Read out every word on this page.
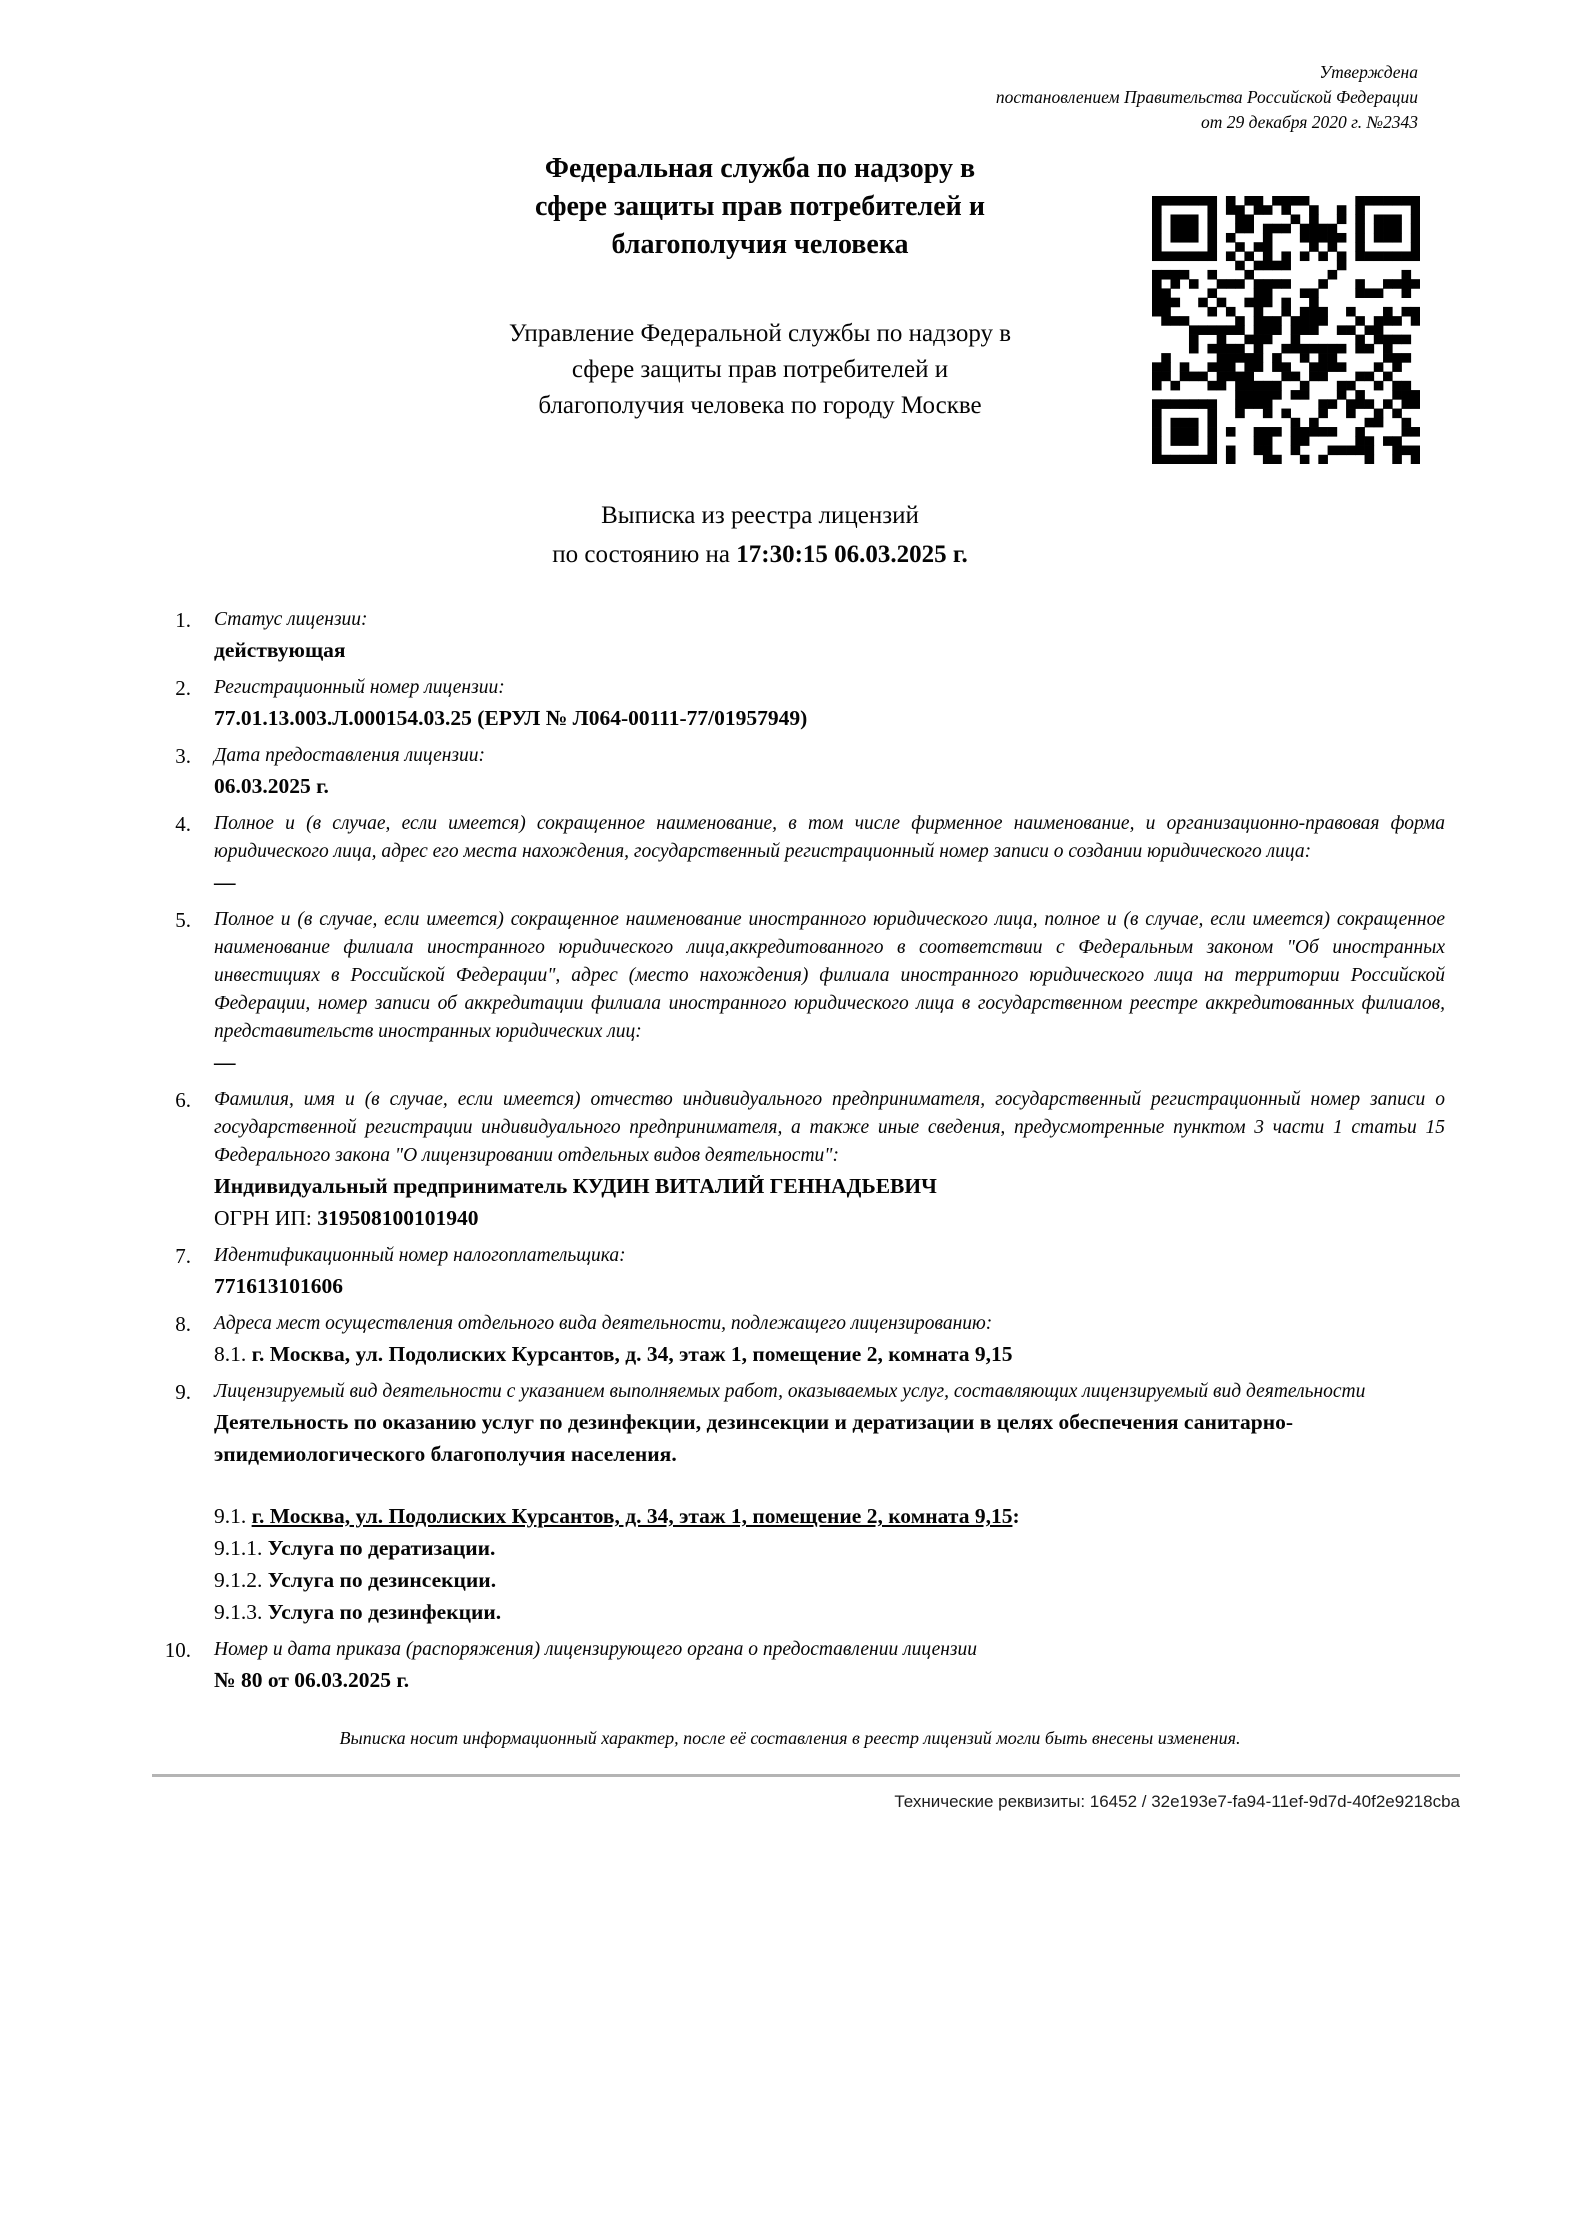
Утверждена
постановлением Правительства Российской Федерации
от 29 декабря 2020 г. №2343
Федеральная служба по надзору в
сфере защиты прав потребителей и
благополучия человека
Управление Федеральной службы по надзору в
сфере защиты прав потребителей и
благополучия человека по городу Москве
Выписка из реестра лицензий
по состоянию на 17:30:15 06.03.2025 г.
1. Статус лицензии:
действующая
2. Регистрационный номер лицензии:
77.01.13.003.Л.000154.03.25 (ЕРУЛ № Л064-00111-77/01957949)
3. Дата предоставления лицензии:
06.03.2025 г.
4. Полное и (в случае, если имеется) сокращенное наименование, в том числе фирменное наименование, и организационно-правовая форма юридического лица, адрес его места нахождения, государственный регистрационный номер записи о создании юридического лица:
—
5. Полное и (в случае, если имеется) сокращенное наименование иностранного юридического лица, полное и (в случае, если имеется) сокращенное наименование филиала иностранного юридического лица,аккредитованного в соответствии с Федеральным законом "Об иностранных инвестициях в Российской Федерации", адрес (место нахождения) филиала иностранного юридического лица на территории Российской Федерации, номер записи об аккредитации филиала иностранного юридического лица в государственном реестре аккредитованных филиалов, представительств иностранных юридических лиц:
—
6. Фамилия, имя и (в случае, если имеется) отчество индивидуального предпринимателя, государственный регистрационный номер записи о государственной регистрации индивидуального предпринимателя, а также иные сведения, предусмотренные пунктом 3 части 1 статьи 15 Федерального закона "О лицензировании отдельных видов деятельности":
Индивидуальный предприниматель КУДИН ВИТАЛИЙ ГЕННАДЬЕВИЧ
ОГРН ИП: 319508100101940
7. Идентификационный номер налогоплательщика:
771613101606
8. Адреса мест осуществления отдельного вида деятельности, подлежащего лицензированию:
8.1. г. Москва, ул. Подолиских Курсантов, д. 34, этаж 1, помещение 2, комната 9,15
9. Лицензируемый вид деятельности с указанием выполняемых работ, оказываемых услуг, составляющих лицензируемый вид деятельности
Деятельность по оказанию услуг по дезинфекции, дезинсекции и дератизации в целях обеспечения санитарно-эпидемиологического благополучия населения.
9.1. г. Москва, ул. Подолиских Курсантов, д. 34, этаж 1, помещение 2, комната 9,15:
9.1.1. Услуга по дератизации.
9.1.2. Услуга по дезинсекции.
9.1.3. Услуга по дезинфекции.
10. Номер и дата приказа (распоряжения) лицензирующего органа о предоставлении лицензии
№ 80 от 06.03.2025 г.
Выписка носит информационный характер, после её составления в реестр лицензий могли быть внесены изменения.
Технические реквизиты: 16452 / 32e193e7-fa94-11ef-9d7d-40f2e9218cba
